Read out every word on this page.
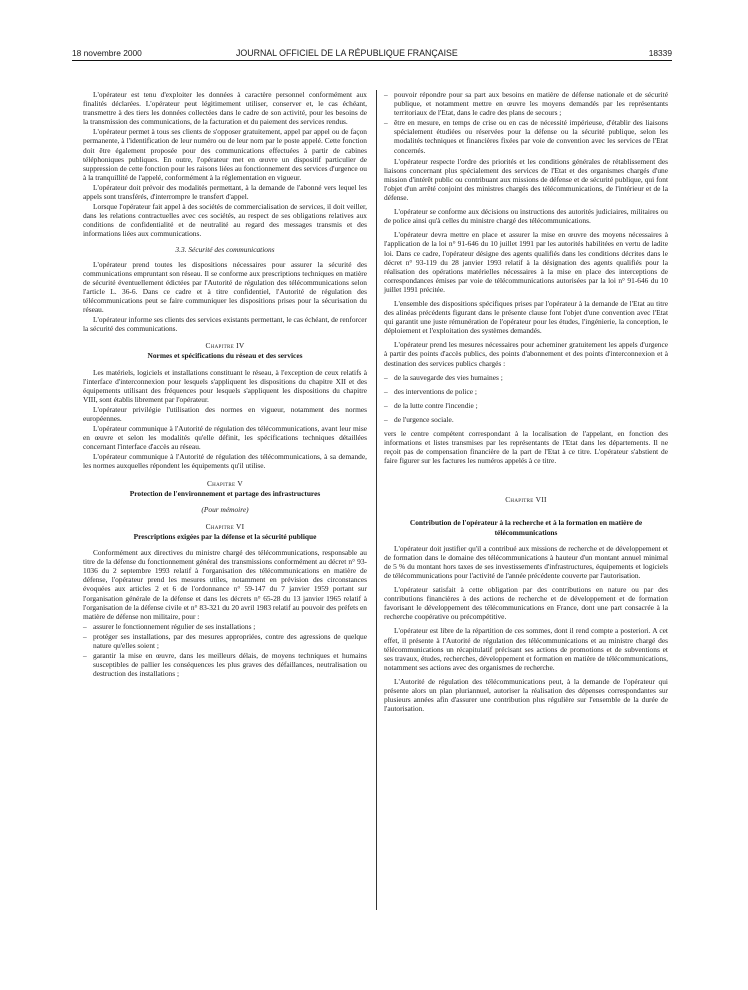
18 novembre 2000	JOURNAL OFFICIEL DE LA RÉPUBLIQUE FRANÇAISE	18339

L'opérateur est tenu d'exploiter les données à caractère personnel conformément aux finalités déclarées. L'opérateur peut légitimement utiliser, conserver et, le cas échéant, transmettre à des tiers les données collectées dans le cadre de son activité, pour les besoins de la transmission des communications, de la facturation et du paiement des services rendus.

L'opérateur permet à tous ses clients de s'opposer gratuitement, appel par appel ou de façon permanente, à l'identification de leur numéro ou de leur nom par le poste appelé. Cette fonction doit être également proposée pour des communications effectuées à partir de cabines téléphoniques publiques. En outre, l'opérateur met en œuvre un dispositif particulier de suppression de cette fonction pour les raisons liées au fonctionnement des services d'urgence ou à la tranquillité de l'appelé, conformément à la réglementation en vigueur.

L'opérateur doit prévoir des modalités permettant, à la demande de l'abonné vers lequel les appels sont transférés, d'interrompre le transfert d'appel.

Lorsque l'opérateur fait appel à des sociétés de commercialisation de services, il doit veiller, dans les relations contractuelles avec ces sociétés, au respect de ses obligations relatives aux conditions de confidentialité et de neutralité au regard des messages transmis et des informations liées aux communications.

3.3. Sécurité des communications

L'opérateur prend toutes les dispositions nécessaires pour assurer la sécurité des communications empruntant son réseau. Il se conforme aux prescriptions techniques en matière de sécurité éventuellement édictées par l'Autorité de régulation des télécommunications selon l'article L. 36-6. Dans ce cadre et à titre confidentiel, l'Autorité de régulation des télécommunications peut se faire communiquer les dispositions prises pour la sécurisation du réseau.

L'opérateur informe ses clients des services existants permettant, le cas échéant, de renforcer la sécurité des communications.

Chapitre IV
Normes et spécifications du réseau et des services

Les matériels, logiciels et installations constituant le réseau, à l'exception de ceux relatifs à l'interface d'interconnexion pour lesquels s'appliquent les dispositions du chapitre XII et des équipements utilisant des fréquences pour lesquels s'appliquent les dispositions du chapitre VIII, sont établis librement par l'opérateur.

L'opérateur privilégie l'utilisation des normes en vigueur, notamment des normes européennes.

L'opérateur communique à l'Autorité de régulation des télécommunications, avant leur mise en œuvre et selon les modalités qu'elle définit, les spécifications techniques détaillées concernant l'interface d'accès au réseau.

L'opérateur communique à l'Autorité de régulation des télécommunications, à sa demande, les normes auxquelles répondent les équipements qu'il utilise.

Chapitre V
Protection de l'environnement et partage des infrastructures
(Pour mémoire)
Chapitre VI
Prescriptions exigées par la défense et la sécurité publique

Conformément aux directives du ministre chargé des télécommunications, responsable au titre de la défense du fonctionnement général des transmissions conformément au décret n° 93-1036 du 2 septembre 1993 relatif à l'organisation des télécommunications en matière de défense, l'opérateur prend les mesures utiles, notamment en prévision des circonstances évoquées aux articles 2 et 6 de l'ordonnance n° 59-147 du 7 janvier 1959 portant sur l'organisation générale de la défense et dans les décrets n° 65-28 du 13 janvier 1965 relatif à l'organisation de la défense civile et n° 83-321 du 20 avril 1983 relatif au pouvoir des préfets en matière de défense non militaire, pour :

– assurer le fonctionnement régulier de ses installations ;
– protéger ses installations, par des mesures appropriées, contre des agressions de quelque nature qu'elles soient ;
– garantir la mise en œuvre, dans les meilleurs délais, de moyens techniques et humains susceptibles de pallier les conséquences les plus graves des défaillances, neutralisation ou destruction des installations ;
– pouvoir répondre pour sa part aux besoins en matière de défense nationale et de sécurité publique, et notamment mettre en œuvre les moyens demandés par les représentants territoriaux de l'Etat, dans le cadre des plans de secours ;
– être en mesure, en temps de crise ou en cas de nécessité impérieuse, d'établir des liaisons spécialement étudiées ou réservées pour la défense ou la sécurité publique, selon les modalités techniques et financières fixées par voie de convention avec les services de l'Etat concernés.

L'opérateur respecte l'ordre des priorités et les conditions générales de rétablissement des liaisons concernant plus spécialement des services de l'Etat et des organismes chargés d'une mission d'intérêt public ou contribuant aux missions de défense et de sécurité publique, qui font l'objet d'un arrêté conjoint des ministres chargés des télécommunications, de l'intérieur et de la défense.

L'opérateur se conforme aux décisions ou instructions des autorités judiciaires, militaires ou de police ainsi qu'à celles du ministre chargé des télécommunications.

L'opérateur devra mettre en place et assurer la mise en œuvre des moyens nécessaires à l'application de la loi n° 91-646 du 10 juillet 1991 par les autorités habilitées en vertu de ladite loi. Dans ce cadre, l'opérateur désigne des agents qualifiés dans les conditions décrites dans le décret n° 93-119 du 28 janvier 1993 relatif à la désignation des agents qualifiés pour la réalisation des opérations matérielles nécessaires à la mise en place des interceptions de correspondances émises par voie de télécommunications autorisées par la loi n° 91-646 du 10 juillet 1991 précitée.

L'ensemble des dispositions spécifiques prises par l'opérateur à la demande de l'Etat au titre des alinéas précédents figurant dans le présente clause font l'objet d'une convention avec l'Etat qui garantit une juste rémunération de l'opérateur pour les études, l'ingénierie, la conception, le déploiement et l'exploitation des systèmes demandés.

L'opérateur prend les mesures nécessaires pour acheminer gratuitement les appels d'urgence à partir des points d'accès publics, des points d'abonnement et des points d'interconnexion et à destination des services publics chargés :

– de la sauvegarde des vies humaines ;
– des interventions de police ;
– de la lutte contre l'incendie ;
– de l'urgence sociale.

vers le centre compétent correspondant à la localisation de l'appelant, en fonction des informations et listes transmises par les représentants de l'Etat dans les départements. Il ne reçoit pas de compensation financière de la part de l'Etat à ce titre. L'opérateur s'abstient de faire figurer sur les factures les numéros appelés à ce titre.

Chapitre VII
Contribution de l'opérateur à la recherche et à la formation en matière de télécommunications

L'opérateur doit justifier qu'il a contribué aux missions de recherche et de développement et de formation dans le domaine des télécommunications à hauteur d'un montant annuel minimal de 5 % du montant hors taxes de ses investissements d'infrastructures, équipements et logiciels de télécommunications pour l'activité de l'année précédente couverte par l'autorisation.

L'opérateur satisfait à cette obligation par des contributions en nature ou par des contributions financières à des actions de recherche et de développement et de formation favorisant le développement des télécommunications en France, dont une part consacrée à la recherche coopérative ou précompétitive.

L'opérateur est libre de la répartition de ces sommes, dont il rend compte a posteriori. A cet effet, il présente à l'Autorité de régulation des télécommunications et au ministre chargé des télécommunications un récapitulatif précisant ses actions de promotions et de subventions et ses travaux, études, recherches, développement et formation en matière de télécommunications, notamment ses actions avec des organismes de recherche.

L'Autorité de régulation des télécommunications peut, à la demande de l'opérateur qui présente alors un plan pluriannuel, autoriser la réalisation des dépenses correspondantes sur plusieurs années afin d'assurer une contribution plus régulière sur l'ensemble de la durée de l'autorisation.
